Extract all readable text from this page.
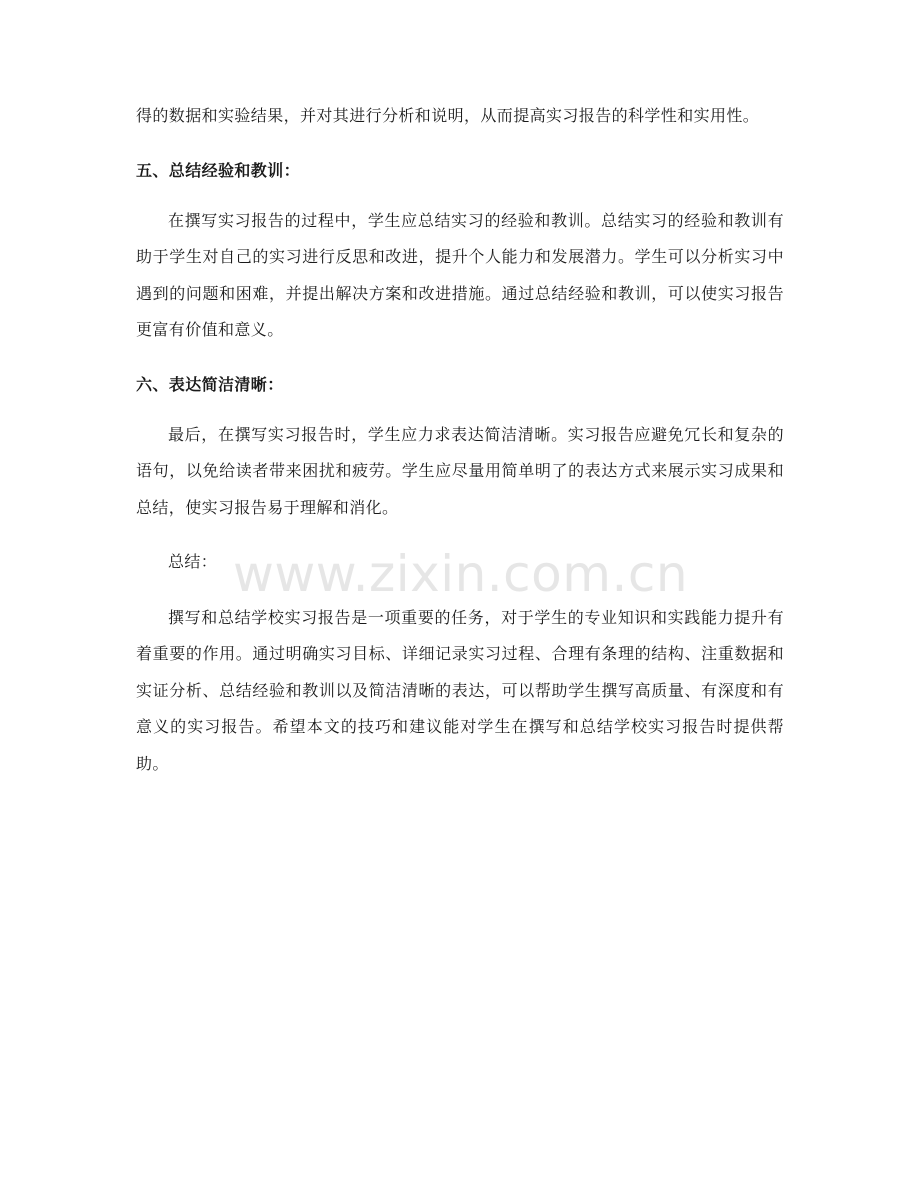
得的数据和实验结果，并对其进行分析和说明，从而提高实习报告的科学性和实用性。

五、总结经验和教训：

在撰写实习报告的过程中，学生应总结实习的经验和教训。总结实习的经验和教训有助于学生对自己的实习进行反思和改进，提升个人能力和发展潜力。学生可以分析实习中遇到的问题和困难，并提出解决方案和改进措施。通过总结经验和教训，可以使实习报告更富有价值和意义。

六、表达简洁清晰：

最后，在撰写实习报告时，学生应力求表达简洁清晰。实习报告应避免冗长和复杂的语句，以免给读者带来困扰和疲劳。学生应尽量用简单明了的表达方式来展示实习成果和总结，使实习报告易于理解和消化。

总结：

撰写和总结学校实习报告是一项重要的任务，对于学生的专业知识和实践能力提升有着重要的作用。通过明确实习目标、详细记录实习过程、合理有条理的结构、注重数据和实证分析、总结经验和教训以及简洁清晰的表达，可以帮助学生撰写高质量、有深度和有意义的实习报告。希望本文的技巧和建议能对学生在撰写和总结学校实习报告时提供帮助。

www.zixin.com.cn
